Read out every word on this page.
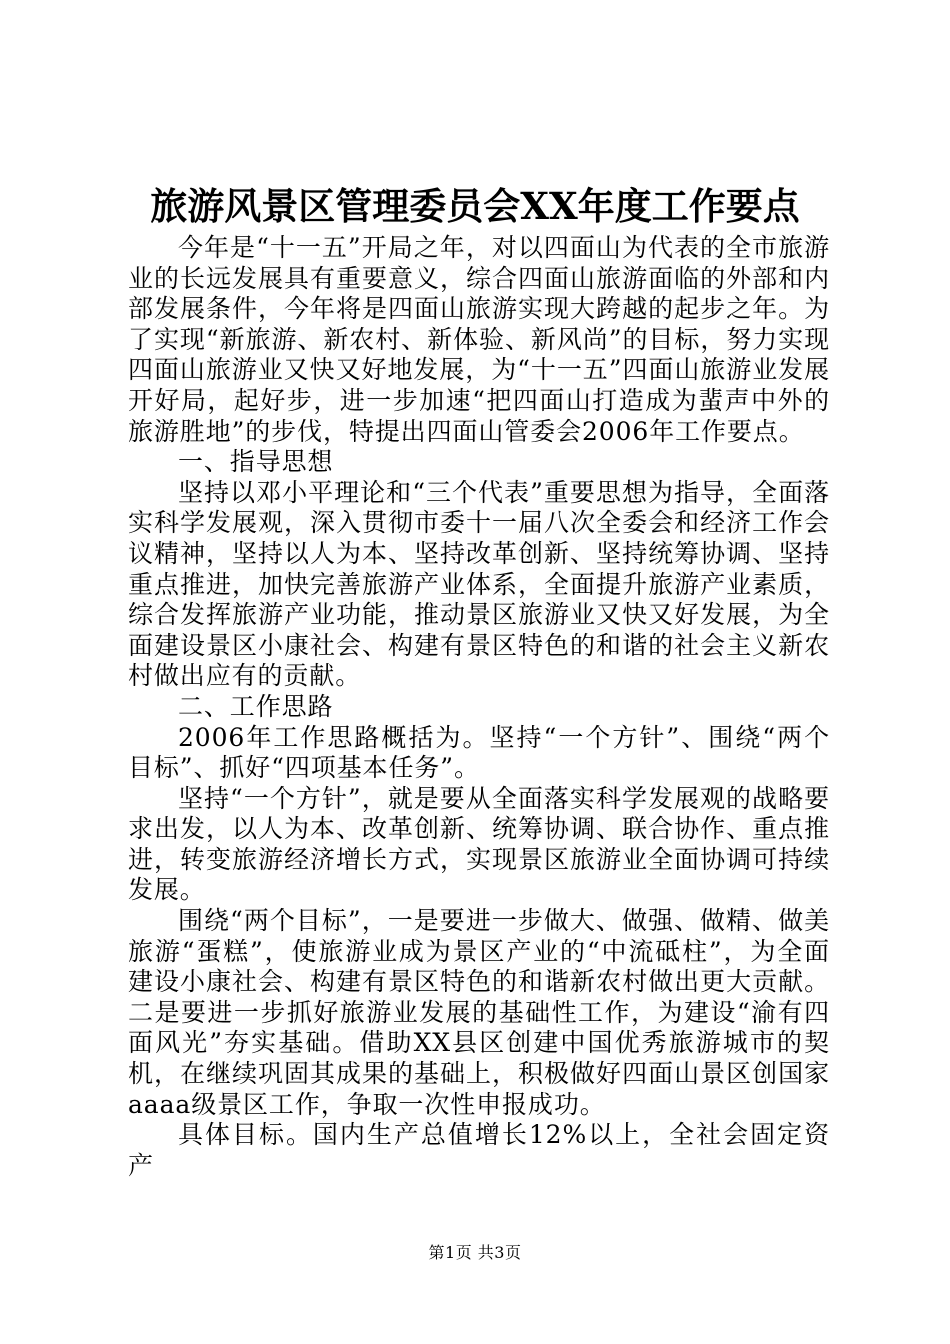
旅游风景区管理委员会XX年度工作要点

今年是“十一五”开局之年，对以四面山为代表的全市旅游业的长远发展具有重要意义，综合四面山旅游面临的外部和内部发展条件，今年将是四面山旅游实现大跨越的起步之年。为了实现“新旅游、新农村、新体验、新风尚”的目标，努力实现四面山旅游业又快又好地发展，为“十一五”四面山旅游业发展开好局，起好步，进一步加速“把四面山打造成为蜚声中外的旅游胜地”的步伐，特提出四面山管委会2006年工作要点。

一、指导思想

坚持以邓小平理论和“三个代表”重要思想为指导，全面落实科学发展观，深入贯彻市委十一届八次全委会和经济工作会议精神，坚持以人为本、坚持改革创新、坚持统筹协调、坚持重点推进，加快完善旅游产业体系，全面提升旅游产业素质，综合发挥旅游产业功能，推动景区旅游业又快又好发展，为全面建设景区小康社会、构建有景区特色的和谐的社会主义新农村做出应有的贡献。

二、工作思路

2006年工作思路概括为。坚持“一个方针”、围绕“两个目标”、抓好“四项基本任务”。

坚持“一个方针”，就是要从全面落实科学发展观的战略要求出发，以人为本、改革创新、统筹协调、联合协作、重点推进，转变旅游经济增长方式，实现景区旅游业全面协调可持续发展。

围绕“两个目标”，一是要进一步做大、做强、做精、做美旅游“蛋糕”，使旅游业成为景区产业的“中流砥柱”，为全面建设小康社会、构建有景区特色的和谐新农村做出更大贡献。二是要进一步抓好旅游业发展的基础性工作，为建设“渝有四面风光”夯实基础。借助XX县区创建中国优秀旅游城市的契机，在继续巩固其成果的基础上，积极做好四面山景区创国家aaaa级景区工作，争取一次性申报成功。

具体目标。国内生产总值增长12%以上，全社会固定资产

第1页 共3页
